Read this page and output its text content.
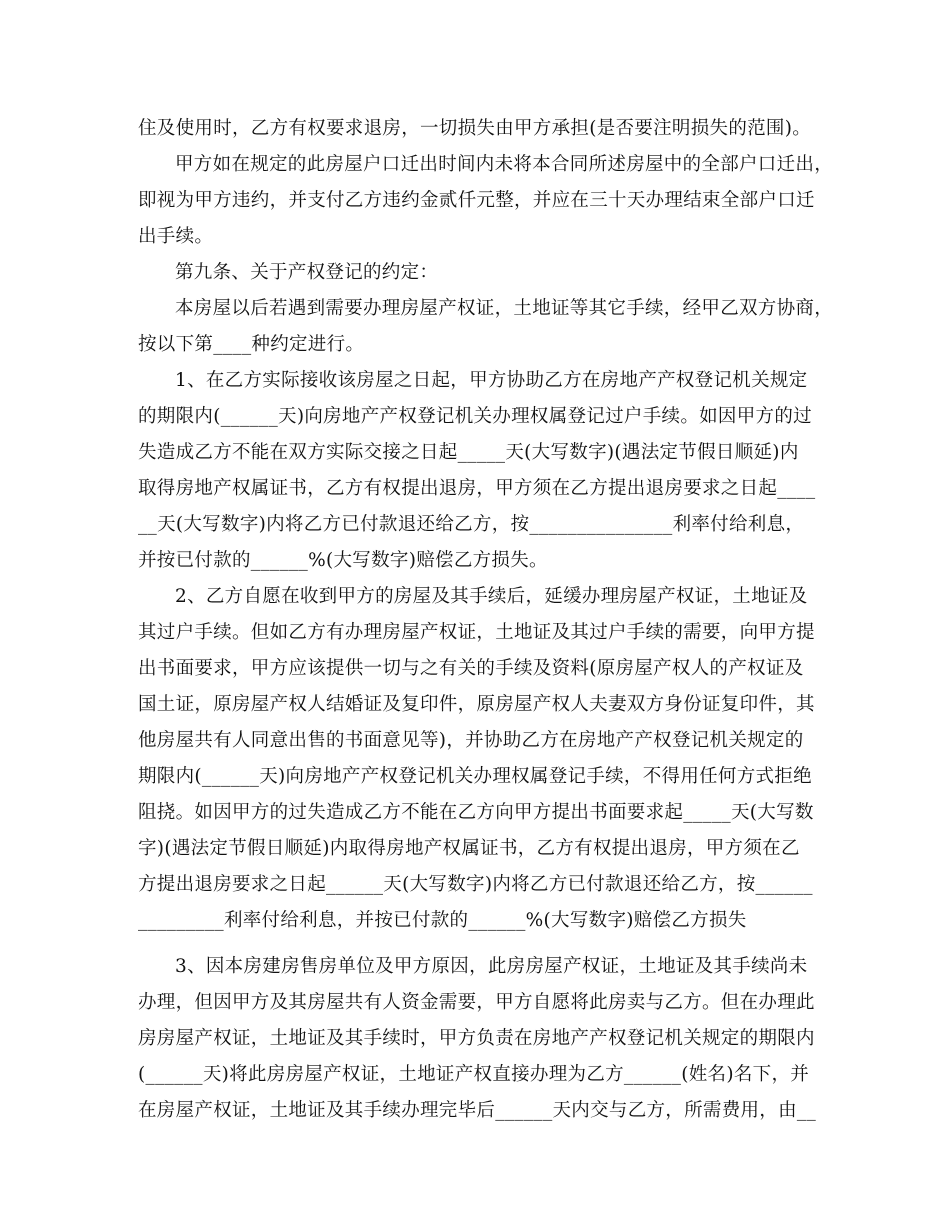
住及使用时，乙方有权要求退房，一切损失由甲方承担(是否要注明损失的范围)。
甲方如在规定的此房屋户口迁出时间内未将本合同所述房屋中的全部户口迁出，
即视为甲方违约，并支付乙方违约金贰仟元整，并应在三十天办理结束全部户口迁
出手续。
第九条、关于产权登记的约定：
本房屋以后若遇到需要办理房屋产权证，土地证等其它手续，经甲乙双方协商，
按以下第____种约定进行。
1、在乙方实际接收该房屋之日起，甲方协助乙方在房地产产权登记机关规定
的期限内(______天)向房地产产权登记机关办理权属登记过户手续。如因甲方的过
失造成乙方不能在双方实际交接之日起_____天(大写数字)(遇法定节假日顺延)内
取得房地产权属证书，乙方有权提出退房，甲方须在乙方提出退房要求之日起____
__天(大写数字)内将乙方已付款退还给乙方，按_______________利率付给利息，
并按已付款的______%(大写数字)赔偿乙方损失。
2、乙方自愿在收到甲方的房屋及其手续后，延缓办理房屋产权证，土地证及
其过户手续。但如乙方有办理房屋产权证，土地证及其过户手续的需要，向甲方提
出书面要求，甲方应该提供一切与之有关的手续及资料(原房屋产权人的产权证及
国土证，原房屋产权人结婚证及复印件，原房屋产权人夫妻双方身份证复印件，其
他房屋共有人同意出售的书面意见等)，并协助乙方在房地产产权登记机关规定的
期限内(______天)向房地产产权登记机关办理权属登记手续，不得用任何方式拒绝
阻挠。如因甲方的过失造成乙方不能在乙方向甲方提出书面要求起_____天(大写数
字)(遇法定节假日顺延)内取得房地产权属证书，乙方有权提出退房，甲方须在乙
方提出退房要求之日起______天(大写数字)内将乙方已付款退还给乙方，按______
_________利率付给利息，并按已付款的______%(大写数字)赔偿乙方损失
3、因本房建房售房单位及甲方原因，此房房屋产权证，土地证及其手续尚未
办理，但因甲方及其房屋共有人资金需要，甲方自愿将此房卖与乙方。但在办理此
房房屋产权证，土地证及其手续时，甲方负责在房地产产权登记机关规定的期限内
(______天)将此房房屋产权证，土地证产权直接办理为乙方______(姓名)名下，并
在房屋产权证，土地证及其手续办理完毕后______天内交与乙方，所需费用，由__
